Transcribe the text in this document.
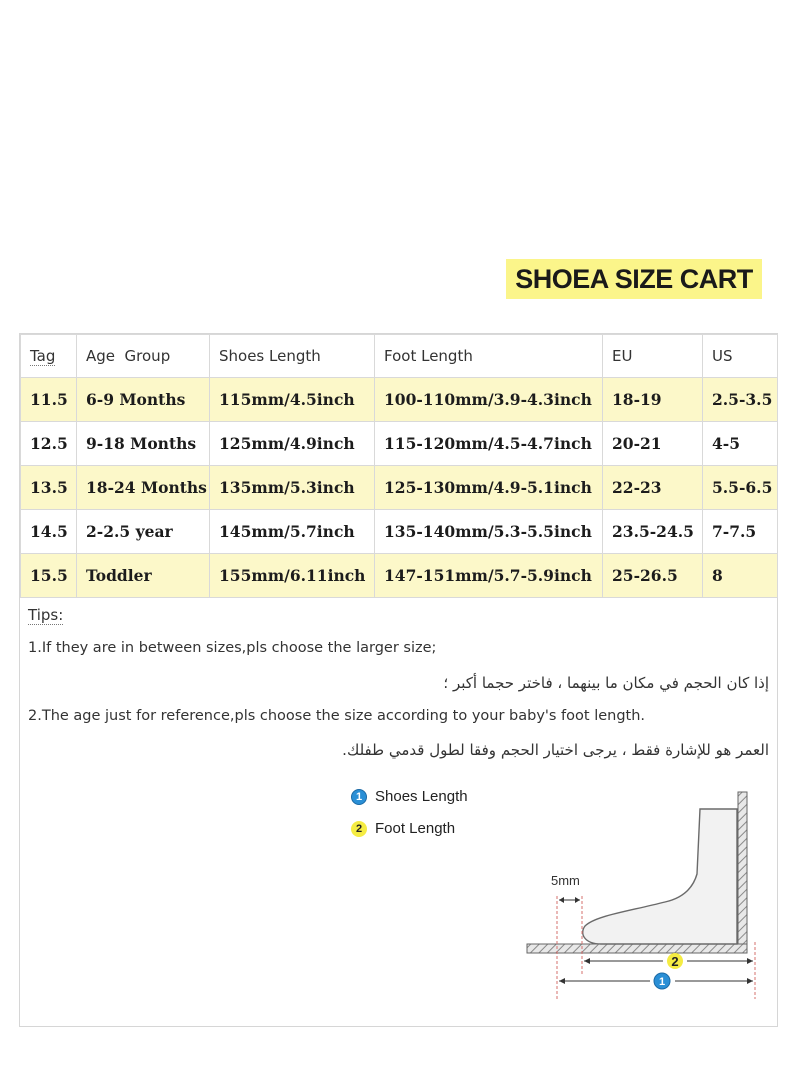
SHOEA SIZE CART
Tag	Age  Group	Shoes Length	Foot Length	EU	US
11.5	6-9 Months	115mm/4.5inch	100-110mm/3.9-4.3inch	18-19	2.5-3.5
12.5	9-18 Months	125mm/4.9inch	115-120mm/4.5-4.7inch	20-21	4-5
13.5	18-24 Months	135mm/5.3inch	125-130mm/4.9-5.1inch	22-23	5.5-6.5
14.5	2-2.5 year	145mm/5.7inch	135-140mm/5.3-5.5inch	23.5-24.5	7-7.5
15.5	Toddler	155mm/6.11inch	147-151mm/5.7-5.9inch	25-26.5	8
Tips:
1.If they are in between sizes,pls choose the larger size;
إذا كان الحجم في مكان ما بينهما ، فاختر حجما أكبر ؛
2.The age just for reference,pls choose the size according to your baby's foot length.
العمر هو للإشارة فقط ، يرجى اختيار الحجم وفقا لطول قدمي طفلك.
1 Shoes Length
2 Foot Length
5mm
2
1
